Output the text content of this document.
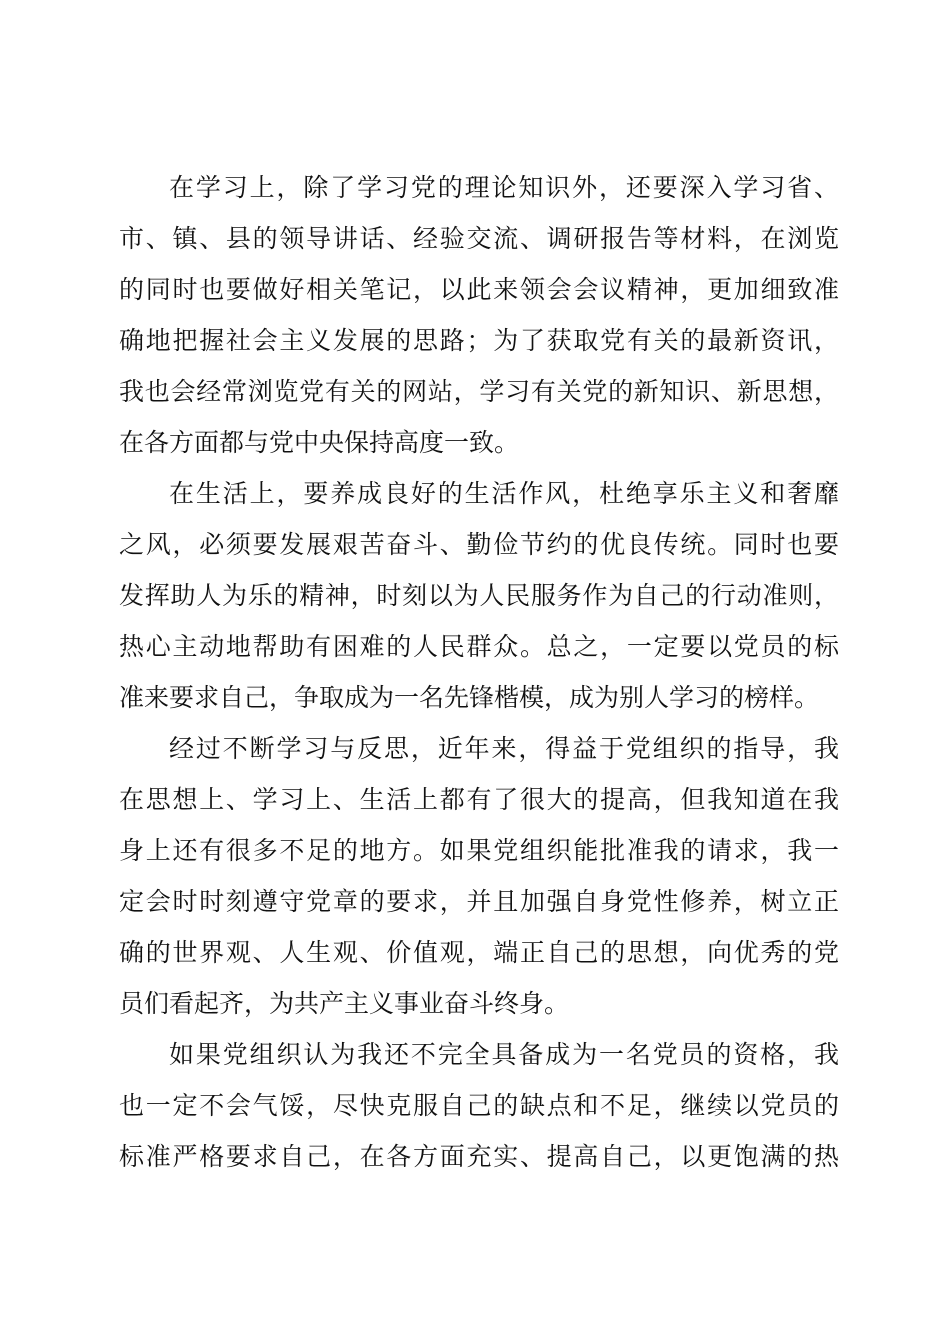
在学习上，除了学习党的理论知识外，还要深入学习省、
市、镇、县的领导讲话、经验交流、调研报告等材料，在浏览
的同时也要做好相关笔记，以此来领会会议精神，更加细致准
确地把握社会主义发展的思路；为了获取党有关的最新资讯，
我也会经常浏览党有关的网站，学习有关党的新知识、新思想，
在各方面都与党中央保持高度一致。
在生活上，要养成良好的生活作风，杜绝享乐主义和奢靡
之风，必须要发展艰苦奋斗、勤俭节约的优良传统。同时也要
发挥助人为乐的精神，时刻以为人民服务作为自己的行动准则，
热心主动地帮助有困难的人民群众。总之，一定要以党员的标
准来要求自己，争取成为一名先锋楷模，成为别人学习的榜样。
经过不断学习与反思，近年来，得益于党组织的指导，我
在思想上、学习上、生活上都有了很大的提高，但我知道在我
身上还有很多不足的地方。如果党组织能批准我的请求，我一
定会时时刻遵守党章的要求，并且加强自身党性修养，树立正
确的世界观、人生观、价值观，端正自己的思想，向优秀的党
员们看起齐，为共产主义事业奋斗终身。
如果党组织认为我还不完全具备成为一名党员的资格，我
也一定不会气馁，尽快克服自己的缺点和不足，继续以党员的
标准严格要求自己，在各方面充实、提高自己，以更饱满的热
